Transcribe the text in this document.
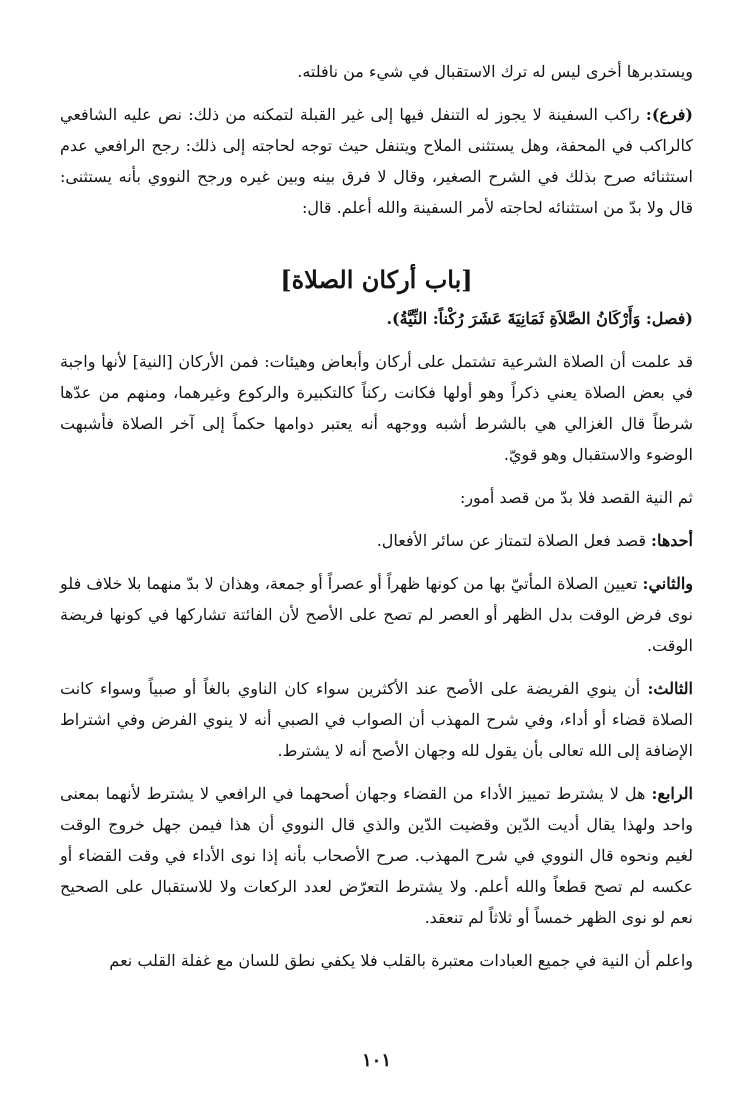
ويستدبرها أخرى ليس له ترك الاستقبال في شيء من نافلته.

(فرع): راكب السفينة لا يجوز له التنفل فيها إلى غير القبلة لتمكنه من ذلك: نص عليه الشافعي كالراكب في المحفة، وهل يستثنى الملاح ويتنفل حيث توجه لحاجته إلى ذلك: رجح الرافعي عدم استثنائه صرح بذلك في الشرح الصغير، وقال لا فرق بينه وبين غيره ورجح النووي بأنه يستثنى: قال ولا بدّ من استثنائه لحاجته لأمر السفينة والله أعلم. قال:

[باب أركان الصلاة]

(فصل: وَأَرْكَانُ الصَّلاَةِ ثَمَانِيَةَ عَشَرَ رُكْناً: النِّيَّةُ).

قد علمت أن الصلاة الشرعية تشتمل على أركان وأبعاض وهيئات: فمن الأركان [النية] لأنها واجبة في بعض الصلاة يعني ذكراً وهو أولها فكانت ركناً كالتكبيرة والركوع وغيرهما، ومنهم من عدّها شرطاً قال الغزالي هي بالشرط أشبه ووجهه أنه يعتبر دوامها حكماً إلى آخر الصلاة فأشبهت الوضوء والاستقبال وهو قويّ.

ثم النية القصد فلا بدّ من قصد أمور:

أحدها: قصد فعل الصلاة لتمتاز عن سائر الأفعال.

والثاني: تعيين الصلاة المأتيّ بها من كونها ظهراً أو عصراً أو جمعة، وهذان لا بدّ منهما بلا خلاف فلو نوى فرض الوقت بدل الظهر أو العصر لم تصح على الأصح لأن الفائتة تشاركها في كونها فريضة الوقت.

الثالث: أن ينوي الفريضة على الأصح عند الأكثرين سواء كان الناوي بالغاً أو صبياً وسواء كانت الصلاة قضاء أو أداء، وفي شرح المهذب أن الصواب في الصبي أنه لا ينوي الفرض وفي اشتراط الإضافة إلى الله تعالى بأن يقول لله وجهان الأصح أنه لا يشترط.

الرابع: هل لا يشترط تمييز الأداء من القضاء وجهان أصحهما في الرافعي لا يشترط لأنهما بمعنى واحد ولهذا يقال أديت الدّين وقضيت الدّين والذي قال النووي أن هذا فيمن جهل خروج الوقت لغيم ونحوه قال النووي في شرح المهذب. صرح الأصحاب بأنه إذا نوى الأداء في وقت القضاء أو عكسه لم تصح قطعاً والله أعلم. ولا يشترط التعرّض لعدد الركعات ولا للاستقبال على الصحيح نعم لو نوى الظهر خمساً أو ثلاثاً لم تنعقد.

واعلم أن النية في جميع العبادات معتبرة بالقلب فلا يكفي نطق للسان مع غفلة القلب نعم

١٠١
